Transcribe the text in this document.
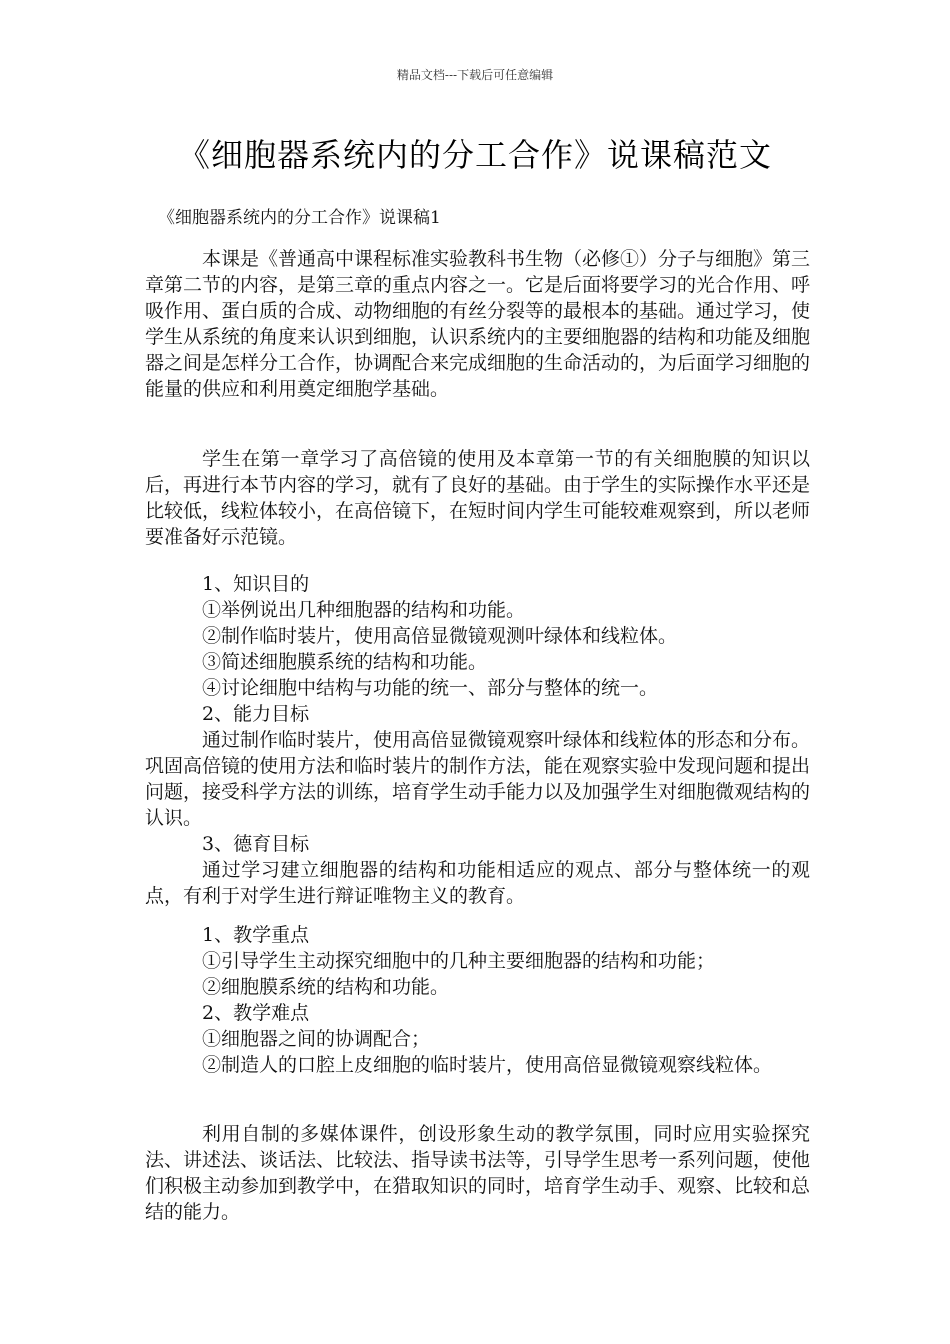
精品文档---下载后可任意编辑
《细胞器系统内的分工合作》说课稿范文
《细胞器系统内的分工合作》说课稿1

本课是《普通高中课程标准实验教科书生物（必修①）分子与细胞》第三章第二节的内容，是第三章的重点内容之一。它是后面将要学习的光合作用、呼吸作用、蛋白质的合成、动物细胞的有丝分裂等的最根本的基础。通过学习，使学生从系统的角度来认识到细胞，认识系统内的主要细胞器的结构和功能及细胞器之间是怎样分工合作，协调配合来完成细胞的生命活动的，为后面学习细胞的能量的供应和利用奠定细胞学基础。

学生在第一章学习了高倍镜的使用及本章第一节的有关细胞膜的知识以后，再进行本节内容的学习，就有了良好的基础。由于学生的实际操作水平还是比较低，线粒体较小，在高倍镜下，在短时间内学生可能较难观察到，所以老师要准备好示范镜。

1、知识目的

①举例说出几种细胞器的结构和功能。

②制作临时装片，使用高倍显微镜观测叶绿体和线粒体。

③简述细胞膜系统的结构和功能。

④讨论细胞中结构与功能的统一、部分与整体的统一。

2、能力目标

通过制作临时装片，使用高倍显微镜观察叶绿体和线粒体的形态和分布。巩固高倍镜的使用方法和临时装片的制作方法，能在观察实验中发现问题和提出问题，接受科学方法的训练，培育学生动手能力以及加强学生对细胞微观结构的认识。

3、德育目标

通过学习建立细胞器的结构和功能相适应的观点、部分与整体统一的观点，有利于对学生进行辩证唯物主义的教育。

1、教学重点

①引导学生主动探究细胞中的几种主要细胞器的结构和功能；

②细胞膜系统的结构和功能。

2、教学难点

①细胞器之间的协调配合；

②制造人的口腔上皮细胞的临时装片，使用高倍显微镜观察线粒体。

利用自制的多媒体课件，创设形象生动的教学氛围，同时应用实验探究法、讲述法、谈话法、比较法、指导读书法等，引导学生思考一系列问题，使他们积极主动参加到教学中，在猎取知识的同时，培育学生动手、观察、比较和总结的能力。
